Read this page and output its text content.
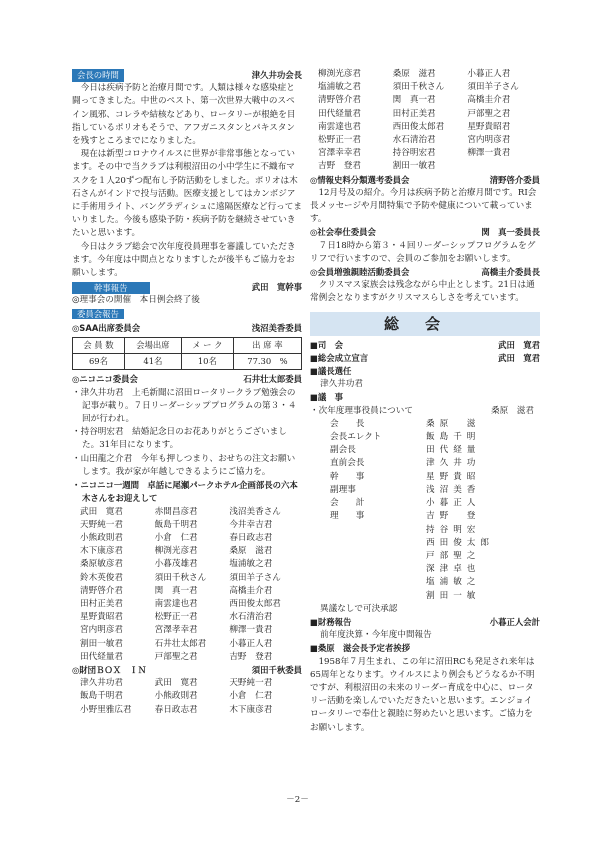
会長の時間	津久井功会長

今日は疾病予防と治療月間です。人類は様々な感染症と闘ってきました。中世のペスト、第一次世界大戦中のスペイン風邪、コレラや結核などあり、ロータリーが根絶を目指しているポリオもそうで、アフガニスタンとパキスタンを残すところまでになりました。

現在は新型コロナウイルスに世界が非常事態となっています。その中で当クラブは利根沼田の小中学生に不織布マスクを１人20ずつ配布し予防活動をしました。ポリオは木石さんがインドで投与活動。医療支援としてはカンボジアに手術用ライト、バングラディシュに遠隔医療など行ってまいりました。今後も感染予防・疾病予防を継続させていきたいと思います。

今日はクラブ総会で次年度役員理事を審議していただきます。今年度は中間点となりますしたが後半もご協力をお願いします。

幹事報告	武田　寛幹事
◎理事会の開催　本日例会終了後
委員会報告
◎SAA出席委員会	浅沼美香委員
会 員 数	会場出席	メ ー ク	出 席 率
69名	41名	10名	77.30　%
◎ニコニコ委員会	石井壮太郎委員

・津久井功君　上毛新聞に沼田ロータリークラブ勉強会の記事が載り。７日リーダーシッププログラムの第３・４回が行われ。

・持谷明宏君　結婚記念日のお花ありがとうございました。31年目になります。

・山田龍之介君　今年も押しつまり、おせちの注文お願いします。我が家が年越しできるようにご協力を。

・ニコニコ一週間　卓話に尾瀬パークホテル企画部長の六本木さんをお迎えして

武田　寛君	赤間昌彦君	浅沼美香さん
天野純一君	飯島千明君	今井幸吉君
小熊政則君	小倉　仁君	春日政志君
木下康彦君	柳渕光彦君	桑原　滋君
桑原敏彦君	小暮茂雄君	塩浦敏之君
鈴木英俊君	須田千秋さん	須田羊子さん
清野啓介君	関　真一君	高橋圭介君
田村正美君	南雲達也君	西田俊太郎君
星野貴昭君	松野正一君	水石清治君
宮内明彦君	宮澤孝幸君	柳澤一貴君
割田一敏君	石井壮太郎君	小暮正人君
田代経量君	戸部聖之君	吉野　登君
◎財団ＢＯＸ　ＩＮ	須田千秋委員
津久井功君	武田　寛君	天野純一君
飯島千明君	小熊政則君	小倉　仁君
小野里雅広君	春日政志君	木下康彦君
柳渕光彦君	桑原　滋君	小暮正人君
塩浦敏之君	須田千秋さん	須田羊子さん
清野啓介君	関　真一君	高橋圭介君
田代経量君	田村正美君	戸部聖之君
南雲達也君	西田俊太郎君	星野貴昭君
松野正一君	水石清治君	宮内明彦君
宮澤幸幸君	持谷明宏君	柳澤一貴君
吉野　登君	割田一敏君
◎情報史料分類選考委員会	清野啓介委員

12月号及の紹介。今月は疾病予防と治療月間です。RI会長メッセージや月間特集で予防や健康について載っています。

◎社会奉仕委員会	関　真一委員長

７日18時から第３・４回リーダーシップフログラムをグリフで行いますので、会員のご参加をお願いします。

◎会員増強親睦活動委員会	高橋圭介委員長

クリスマス家族会は残念ながら中止とします。21日は通常例会となりますがクリスマスらしさを考えています。

総会
■司　会	武田　寛君
■総会成立宣言	武田　寛君
■議長選任
津久井功君
■議　事
・次年度理事役員について	桑原　滋君
会　　長	桑原　滋
会長エレクト	飯島千明
副会長	田代経量
直前会長	津久井功
幹　　事	星野貴昭
副理事	浅沼美香
会　　計	小暮正人
理　　事	吉野　登
持谷明宏
西田俊太郎
戸部聖之
深津卓也
塩浦敏之
割田一敏
異議なしで可決承認
■財務報告	小暮正人会計
前年度決算・今年度中間報告
■桑原　滋会長予定者挨拶

1958年７月生まれ、この年に沼田RCも発足され来年は65周年となります。ウイルスにより例会もどうなるか不明ですが、利根沼田の未来のリーダー育成を中心に、ロータリー活動を楽しんでいただきたいと思います。エンジョイロータリーで奉仕と親睦に努めたいと思います。ご協力をお願いします。

－2－
